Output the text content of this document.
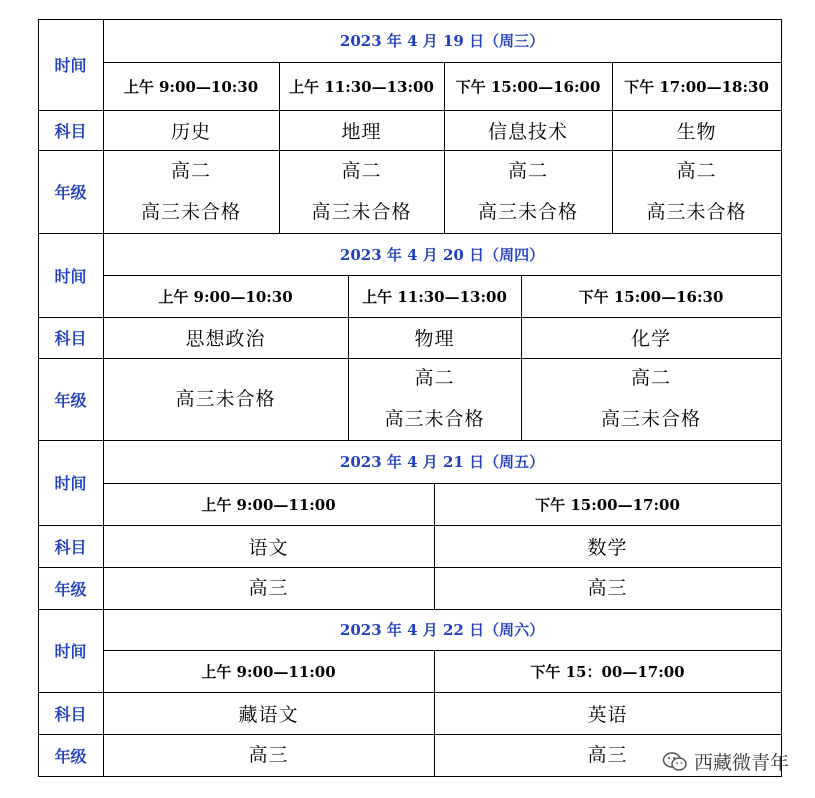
时间
科目
年级
2023 年 4 月 19 日（周三）
上午 9:00—10:30
历史
高二
高三未合格
上午 11:30—13:00
地理
高二
高三未合格
下午 15:00—16:00
信息技术
高二
高三未合格
下午 17:00—18:30
生物
高二
高三未合格
时间
科目
年级
2023 年 4 月 20 日（周四）
上午 9:00—10:30
思想政治
高三未合格
上午 11:30—13:00
物理
高二
高三未合格
下午 15:00—16:30
化学
高二
高三未合格
时间
科目
年级
2023 年 4 月 21 日（周五）
上午 9:00—11:00
语文
高三
下午 15:00—17:00
数学
高三
时间
科目
年级
2023 年 4 月 22 日（周六）
上午 9:00—11:00
藏语文
高三
下午 15：00—17:00
英语
高三	西藏微青年
